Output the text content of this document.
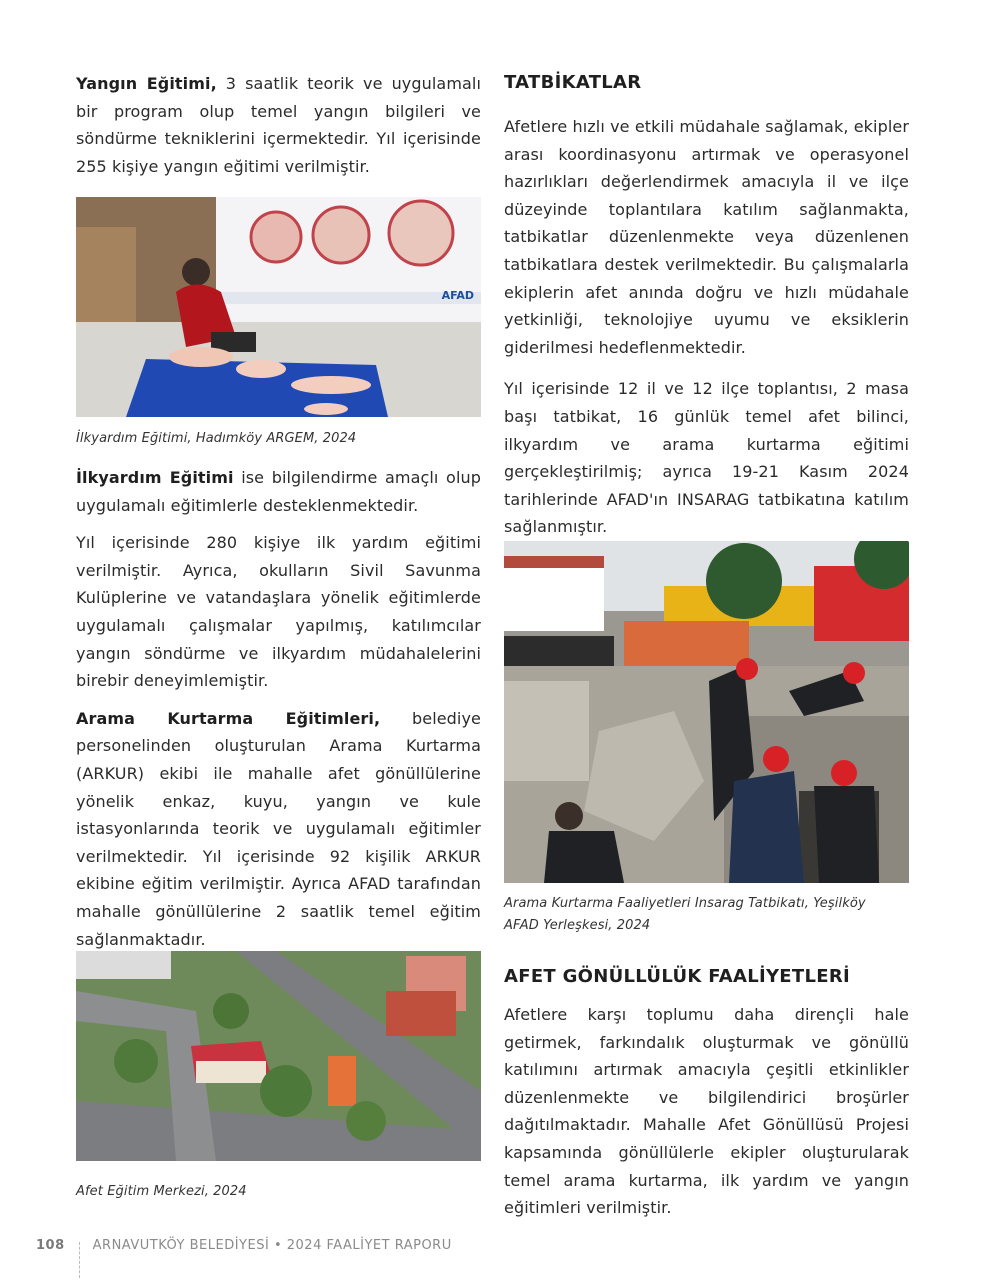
Yangın Eğitimi, 3 saatlik teorik ve uygulamalı bir program olup temel yangın bilgileri ve söndürme tekniklerini içermektedir. Yıl içerisinde 255 kişiye yangın eğitimi verilmiştir.

AFAD

İlkyardım Eğitimi, Hadımköy ARGEM, 2024

İlkyardım Eğitimi ise bilgilendirme amaçlı olup uygulamalı eğitimlerle desteklenmektedir.

Yıl içerisinde 280 kişiye ilk yardım eğitimi verilmiştir. Ayrıca, okulların Sivil Savunma Kulüplerine ve vatandaşlara yönelik eğitimlerde uygulamalı çalışmalar yapılmış, katılımcılar yangın söndürme ve ilkyardım müdahalelerini birebir deneyimlemiştir.

Arama Kurtarma Eğitimleri, belediye personelinden oluşturulan Arama Kurtarma (ARKUR) ekibi ile mahalle afet gönüllülerine yönelik enkaz, kuyu, yangın ve kule istasyonlarında teorik ve uygulamalı eğitimler verilmektedir. Yıl içerisinde 92 kişilik ARKUR ekibine eğitim verilmiştir. Ayrıca AFAD tarafından mahalle gönüllülerine 2 saatlik temel eğitim sağlanmaktadır.

Afet Eğitim Merkezi, 2024

TATBİKATLAR

Afetlere hızlı ve etkili müdahale sağlamak, ekipler arası koordinasyonu artırmak ve operasyonel hazırlıkları değerlendirmek amacıyla il ve ilçe düzeyinde toplantılara katılım sağlanmakta, tatbikatlar düzenlenmekte veya düzenlenen tatbikatlara destek verilmektedir. Bu çalışmalarla ekiplerin afet anında doğru ve hızlı müdahale yetkinliği, teknolojiye uyumu ve eksiklerin giderilmesi hedeflenmektedir.

Yıl içerisinde 12 il ve 12 ilçe toplantısı, 2 masa başı tatbikat, 16 günlük temel afet bilinci, ilkyardım ve arama kurtarma eğitimi gerçekleştirilmiş; ayrıca 19-21 Kasım 2024 tarihlerinde AFAD'ın INSARAG tatbikatına katılım sağlanmıştır.

Arama Kurtarma Faaliyetleri Insarag Tatbikatı, Yeşilköy

AFAD Yerleşkesi, 2024

AFET GÖNÜLLÜLÜK FAALİYETLERİ

Afetlere karşı toplumu daha dirençli hale getirmek, farkındalık oluşturmak ve gönüllü katılımını artırmak amacıyla çeşitli etkinlikler düzenlenmekte ve bilgilendirici broşürler dağıtılmaktadır. Mahalle Afet Gönüllüsü Projesi kapsamında gönüllülerle ekipler oluşturularak temel arama kurtarma, ilk yardım ve yangın eğitimleri verilmiştir.

108 ARNAVUTKÖY BELEDİYESİ • 2024 FAALİYET RAPORU
